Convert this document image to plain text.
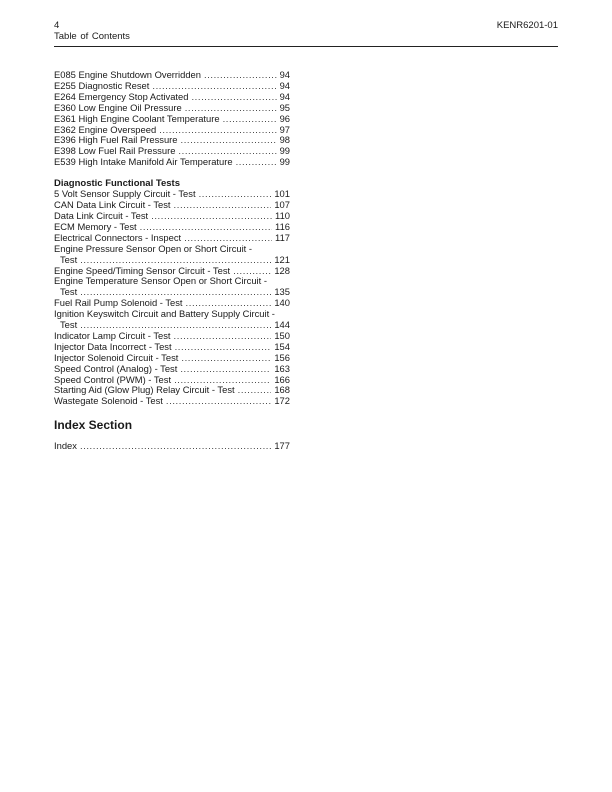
4
Table of Contents
KENR6201-01
E085 Engine Shutdown Overridden .....	94
E255 Diagnostic Reset .....	94
E264 Emergency Stop Activated .....	94
E360 Low Engine Oil Pressure .....	95
E361 High Engine Coolant Temperature .....	96
E362 Engine Overspeed .....	97
E396 High Fuel Rail Pressure .....	98
E398 Low Fuel Rail Pressure .....	99
E539 High Intake Manifold Air Temperature .....	99
Diagnostic Functional Tests
5 Volt Sensor Supply Circuit - Test .....	101
CAN Data Link Circuit - Test .....	107
Data Link Circuit - Test .....	110
ECM Memory - Test .....	116
Electrical Connectors - Inspect .....	117
Engine Pressure Sensor Open or Short Circuit -
Test .....	121
Engine Speed/Timing Sensor Circuit - Test .....	128
Engine Temperature Sensor Open or Short Circuit -
Test .....	135
Fuel Rail Pump Solenoid - Test .....	140
Ignition Keyswitch Circuit and Battery Supply Circuit -
Test .....	144
Indicator Lamp Circuit - Test .....	150
Injector Data Incorrect - Test .....	154
Injector Solenoid Circuit - Test .....	156
Speed Control (Analog) - Test .....	163
Speed Control (PWM) - Test .....	166
Starting Aid (Glow Plug) Relay Circuit - Test .....	168
Wastegate Solenoid - Test .....	172
Index Section
Index .....	177
